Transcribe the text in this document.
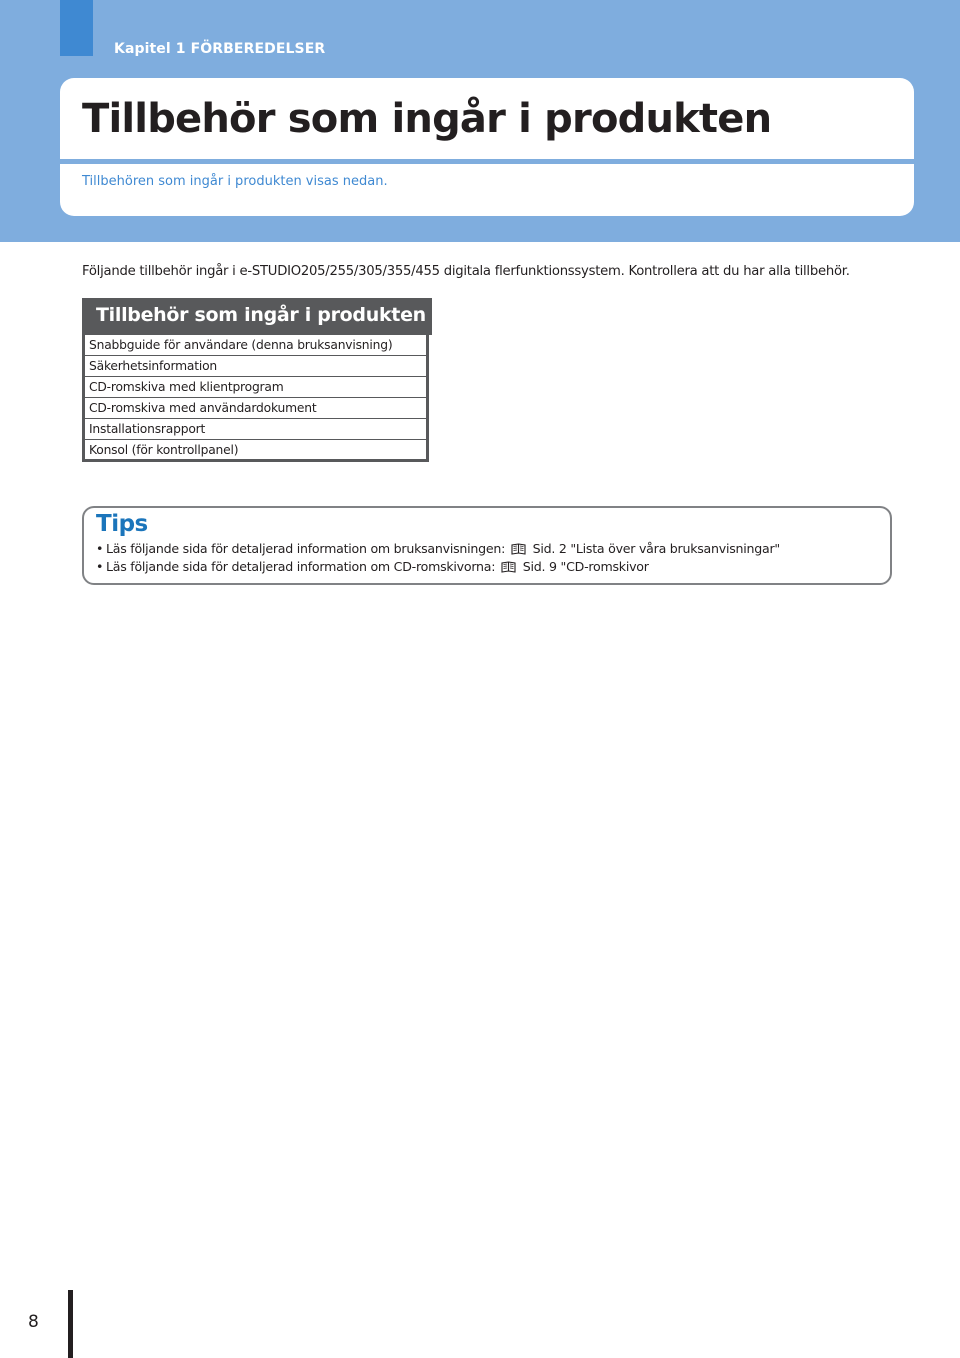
Kapitel 1 FÖRBEREDELSER
Tillbehör som ingår i produkten
Tillbehören som ingår i produkten visas nedan.
Följande tillbehör ingår i e-STUDIO205/255/305/355/455 digitala flerfunktionssystem. Kontrollera att du har alla tillbehör.
Tillbehör som ingår i produkten
Snabbguide för användare (denna bruksanvisning)
Säkerhetsinformation
CD-romskiva med klientprogram
CD-romskiva med användardokument
Installationsrapport
Konsol (för kontrollpanel)
Tips
• Läs följande sida för detaljerad information om bruksanvisningen: Sid. 2 "Lista över våra bruksanvisningar"
• Läs följande sida för detaljerad information om CD-romskivorna: Sid. 9 "CD-romskivor
8
